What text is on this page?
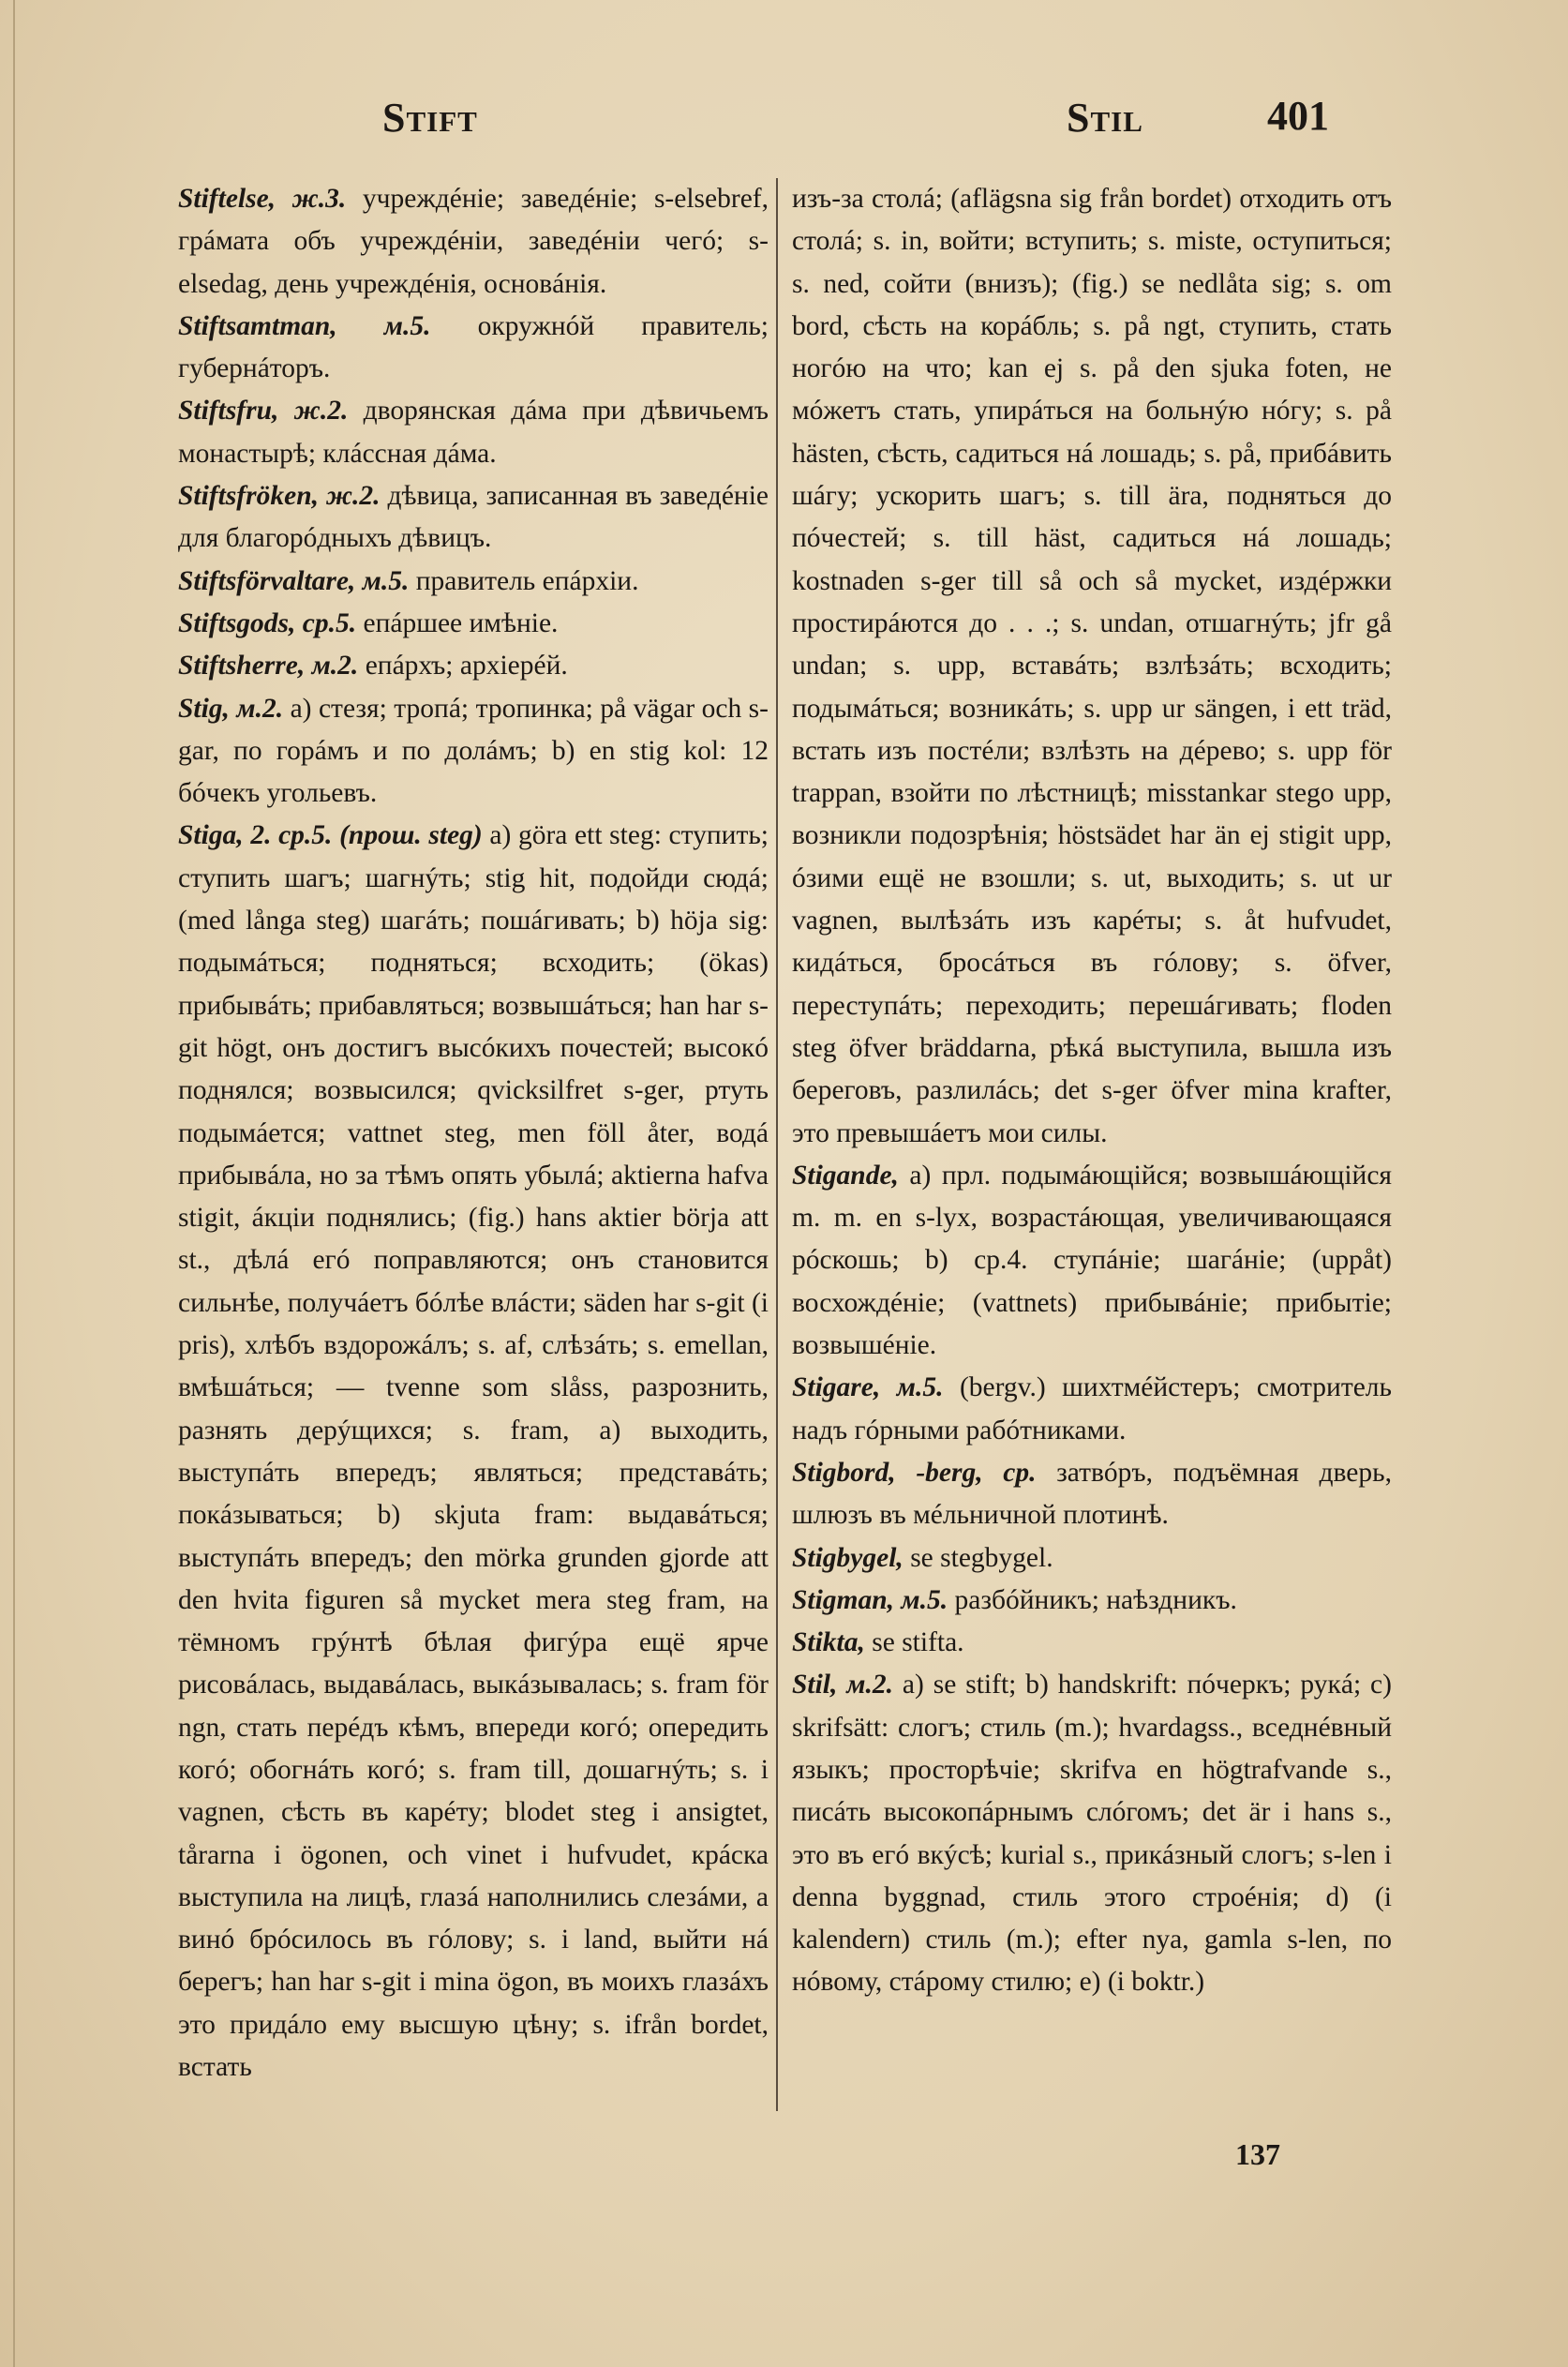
Stift	Stil	401

Stiftelse, ж.3. учреждéніе; заведéніе; s-elsebref, грáмата объ учреждéніи, заведéніи чегó; s-elsedag, день учреждéнія, основáнія.

Stiftsamtman, м.5. окружнóй правитель; губернáторъ.

Stiftsfru, ж.2. дворянская дáма при дѣвичьемъ монастырѣ; клáссная дáма.

Stiftsfröken, ж.2. дѣвица, записанная въ заведéніе для благорóдныхъ дѣвицъ.

Stiftsförvaltare, м.5. правитель епáрхіи.

Stiftsgods, ср.5. епáршее имѣніе.

Stiftsherre, м.2. епáрхъ; архіерéй.

Stig, м.2. а) стезя; тропá; тропинка; på vägar och s-gar, по горáмъ и по долáмъ; b) en stig kol: 12 бóчекъ угольевъ.

Stiga, 2. ср.5. (прош. steg) а) göra ett steg: ступить; ступить шагъ; шагнýть; stig hit, подойди сюдá; (med långa steg) шагáть; пошáгивать; b) höja sig: подымáться; подняться; всходить; (ökas) прибывáть; прибавляться; возвышáться; han har s-git högt, онъ достигъ высóкихъ почестей; высокó поднялся; возвысился; qvicksilfret s-ger, ртуть подымáется; vattnet steg, men föll åter, водá прибывáла, но за тѣмъ опять убылá; aktierna hafva stigit, áкціи поднялись; (fig.) hans aktier börja att st., дѣлá егó поправляются; онъ становится сильнѣе, получáетъ бóлѣе влáсти; säden har s-git (i pris), хлѣбъ вздорожáлъ; s. af, слѣзáть; s. emellan, вмѣшáться; — tvenne som slåss, разрознить, разнять дерýщихся; s. fram, а) выходить, выступáть впередъ; являться; представáть; покáзываться; b) skjuta fram: выдавáться; выступáть впередъ; den mörka grunden gjorde att den hvita figuren så mycket mera steg fram, на тёмномъ грýнтѣ бѣлая фигýра ещё ярче рисовáлась, выдавáлась, выкáзывалась; s. fram för ngn, стать перéдъ кѣмъ, впереди когó; опередить когó; обогнáть когó; s. fram till, дошагнýть; s. i vagnen, сѣсть въ карéту; blodet steg i ansigtet, tårarna i ögonen, och vinet i hufvudet, крáска выступила на лицѣ, глазá наполнились слезáми, а винó брóсилось въ гóлову; s. i land, выйти нá берегъ; han har s-git i mina ögon, въ моихъ глазáхъ это придáло ему высшую цѣну; s. ifrån bordet, встать

изъ-за столá; (aflägsna sig från bordet) отходить отъ столá; s. in, войти; вступить; s. miste, оступиться; s. ned, сойти (внизъ); (fig.) se nedlåta sig; s. om bord, сѣсть на корáбль; s. på ngt, ступить, стать ногóю на что; kan ej s. på den sjuka foten, не мóжетъ стать, упирáться на больнýю нóгу; s. på hästen, сѣсть, садиться нá лошадь; s. på, прибáвить шáгу; ускорить шагъ; s. till ära, подняться до пóчестей; s. till häst, садиться нá лошадь; kostnaden s-ger till så och så mycket, издéржки простирáются до . . .; s. undan, отшагнýть; jfr gå undan; s. upp, вставáть; взлѣзáть; всходить; подымáться; возникáть; s. upp ur sängen, i ett träd, встать изъ постéли; взлѣзть на дéрево; s. upp för trappan, взойти по лѣстницѣ; misstankar stego upp, возникли подозрѣнія; höstsädet har än ej stigit upp, óзими ещё не взошли; s. ut, выходить; s. ut ur vagnen, вылѣзáть изъ карéты; s. åt hufvudet, кидáться, бросáться въ гóлову; s. öfver, переступáть; переходить; перешáгивать; floden steg öfver bräddarna, рѣкá выступила, вышла изъ береговъ, разлилáсь; det s-ger öfver mina krafter, это превышáетъ мои силы.

Stigande, а) прл. подымáющійся; возвышáющійся m. m. en s-lyx, возрастáющая, увеличивающаяся рóскошь; b) ср.4. ступáніе; шагáніе; (uppåt) восхождéніе; (vattnets) прибывáніе; прибытіе; возвышéніе.

Stigare, м.5. (bergv.) шихтмéйстеръ; смотритель надъ гóрными рабóтниками.

Stigbord, -berg, ср. затвóръ, подъёмная дверь, шлюзъ въ мéльничной плотинѣ.

Stigbygel, se stegbygel.

Stigman, м.5. разбóйникъ; наѣздникъ.

Stikta, se stifta.

Stil, м.2. а) se stift; b) handskrift: пóчеркъ; рукá; c) skrifsätt: слогъ; стиль (m.); hvardagss., вседнéвный языкъ; просторѣчіе; skrifva en högtrafvande s., писáть высокопáрнымъ слóгомъ; det är i hans s., это въ егó вкýсѣ; kurial s., прикáзный слогъ; s-len i denna byggnad, стиль этого строéнія; d) (i kalendern) стиль (m.); efter nya, gamla s-len, по нóвому, стáрому стилю; e) (i boktr.)

137
